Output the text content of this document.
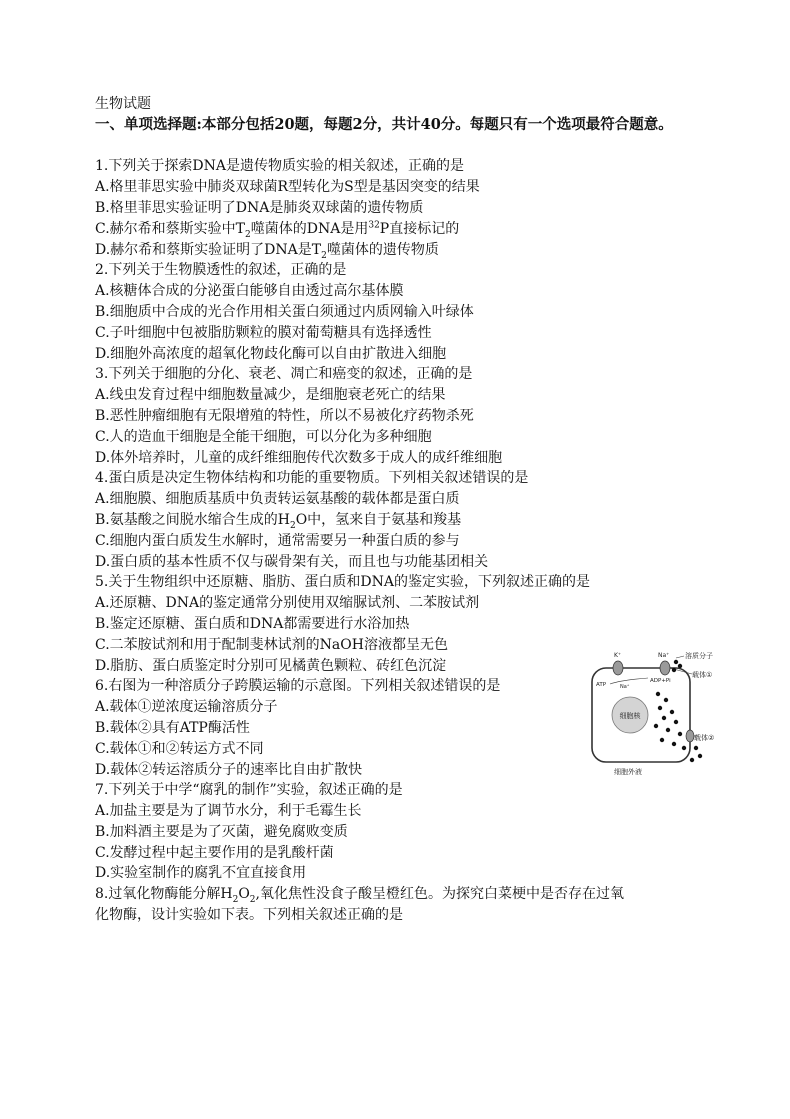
生物试题
一、单项选择题:本部分包括20题，每题2分，共计40分。每题只有一个选项最符合题意。
1.下列关于探索DNA是遗传物质实验的相关叙述，正确的是
A.格里菲思实验中肺炎双球菌R型转化为S型是基因突变的结果
B.格里菲思实验证明了DNA是肺炎双球菌的遗传物质
C.赫尔希和蔡斯实验中$T_2$噬菌体的DNA是用$^{32}$P直接标记的
D.赫尔希和蔡斯实验证明了DNA是$T_2$噬菌体的遗传物质
2.下列关于生物膜透性的叙述，正确的是
A.核糖体合成的分泌蛋白能够自由透过高尔基体膜
B.细胞质中合成的光合作用相关蛋白须通过内质网输入叶绿体
C.子叶细胞中包被脂肪颗粒的膜对葡萄糖具有选择透性
D.细胞外高浓度的超氧化物歧化酶可以自由扩散进入细胞
3.下列关于细胞的分化、衰老、凋亡和癌变的叙述，正确的是
A.线虫发育过程中细胞数量减少，是细胞衰老死亡的结果
B.恶性肿瘤细胞有无限增殖的特性，所以不易被化疗药物杀死
C.人的造血干细胞是全能干细胞，可以分化为多种细胞
D.体外培养时，儿童的成纤维细胞传代次数多于成人的成纤维细胞
4.蛋白质是决定生物体结构和功能的重要物质。下列相关叙述错误的是
A.细胞膜、细胞质基质中负责转运氨基酸的载体都是蛋白质
B.氨基酸之间脱水缩合生成的$H_2O$中，氢来自于氨基和羧基
C.细胞内蛋白质发生水解时，通常需要另一种蛋白质的参与
D.蛋白质的基本性质不仅与碳骨架有关，而且也与功能基团相关
5.关于生物组织中还原糖、脂肪、蛋白质和DNA的鉴定实验，下列叙述正确的是
A.还原糖、DNA的鉴定通常分别使用双缩脲试剂、二苯胺试剂
B.鉴定还原糖、蛋白质和DNA都需要进行水浴加热
C.二苯胺试剂和用于配制斐林试剂的NaOH溶液都呈无色
D.脂肪、蛋白质鉴定时分别可见橘黄色颗粒、砖红色沉淀
6.右图为一种溶质分子跨膜运输的示意图。下列相关叙述错误的是
A.载体①逆浓度运输溶质分子
B.载体②具有ATP酶活性
C.载体①和②转运方式不同
D.载体②转运溶质分子的速率比自由扩散快
7.下列关于中学“腐乳的制作”实验，叙述正确的是
A.加盐主要是为了调节水分，利于毛霉生长
B.加料酒主要是为了灭菌，避免腐败变质
C.发酵过程中起主要作用的是乳酸杆菌
D.实验室制作的腐乳不宜直接食用
8.过氧化物酶能分解$H_2O_2$,氧化焦性没食子酸呈橙红色。为探究白菜梗中是否存在过氧
化物酶，设计实验如下表。下列相关叙述正确的是
细胞核
K⁺	Na⁺ 溶质分子
载体①
ADP+Pi
ATP	Na⁺
载体②
细胞外液
